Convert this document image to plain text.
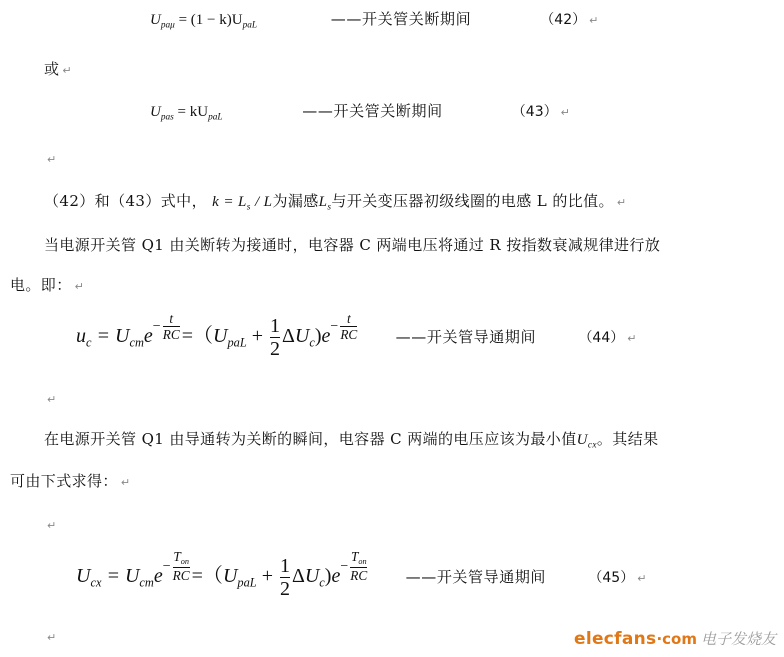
$U_{pa\mu} = (1 - k)U_{paL}$	——开关管关断期间	（42） ↵
或 ↵
$U_{pas} = kU_{paL}$	——开关管关断期间	（43） ↵
↵
（42）和（43）式中， $k = L_s / L$为漏感$L_s$与开关变压器初级线圈的电感 L 的比值。 ↵
当电源开关管 Q1 由关断转为接通时，电容器 C 两端电压将通过 R 按指数衰减规律进行放
电。即： ↵
$u_c = U_{cm}e - \frac{t}{RC} =(U_{paL} + \frac{1}{2} \Delta U_c)e - \frac{t}{RC}$	——开关管导通期间	（44） ↵
↵
在电源开关管 Q1 由导通转为关断的瞬间，电容器 C 两端的电压应该为最小值$U_{cx}$。其结果
可由下式求得： ↵
↵
$U_{cx} = U_{cm}e - \frac{T_{on}}{RC} =(U_{paL} + \frac{1}{2} \Delta U_c)e - \frac{T_{on}}{RC}$	——开关管导通期间	（45） ↵
↵	elecfans·com 电子发烧友
